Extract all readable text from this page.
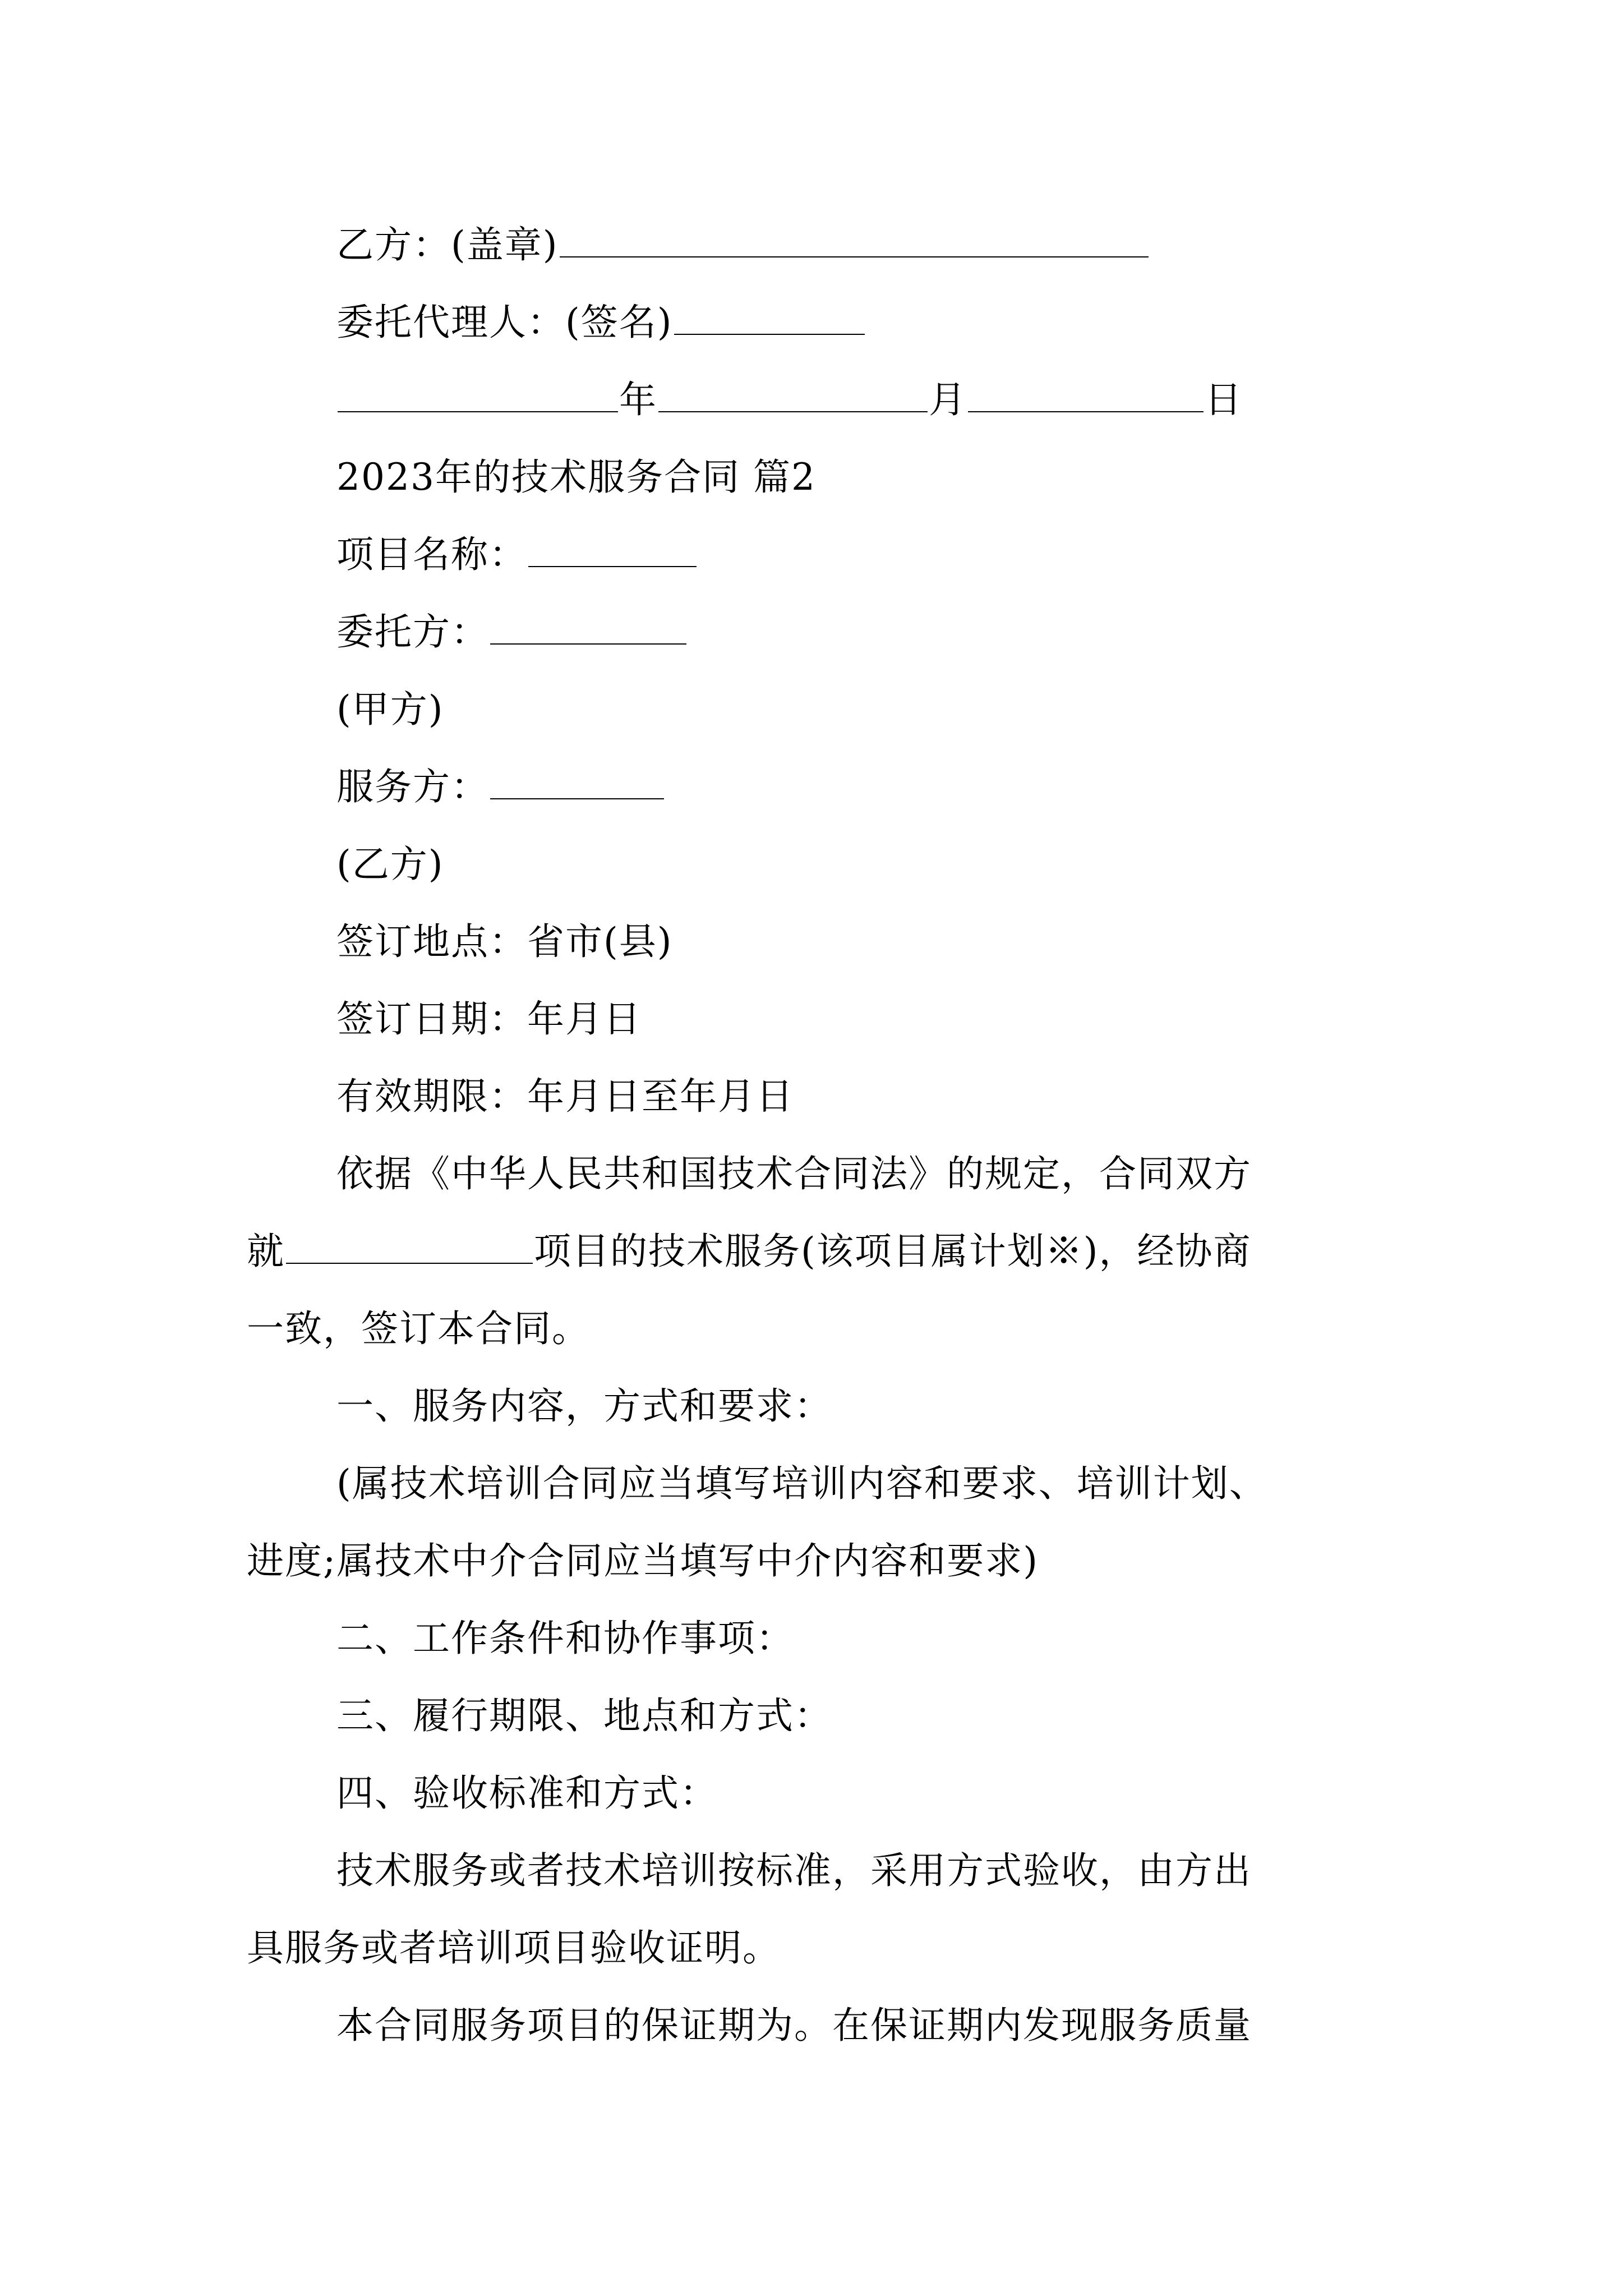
乙方：(盖章)
委托代理人：(签名)
年	月	日
2023年的技术服务合同 篇2
项目名称：
委托方：
(甲方)
服务方：
(乙方)
签订地点：省市(县)
签订日期：年月日
有效期限：年月日至年月日
依据《中华人民共和国技术合同法》的规定，合同双方
就	项目的技术服务(该项目属计划※)，经协商
一致，签订本合同。
一、服务内容，方式和要求：
(属技术培训合同应当填写培训内容和要求、培训计划、
进度;属技术中介合同应当填写中介内容和要求)
二、工作条件和协作事项：
三、履行期限、地点和方式：
四、验收标准和方式：
技术服务或者技术培训按标准，采用方式验收，由方出
具服务或者培训项目验收证明。
本合同服务项目的保证期为。在保证期内发现服务质量
